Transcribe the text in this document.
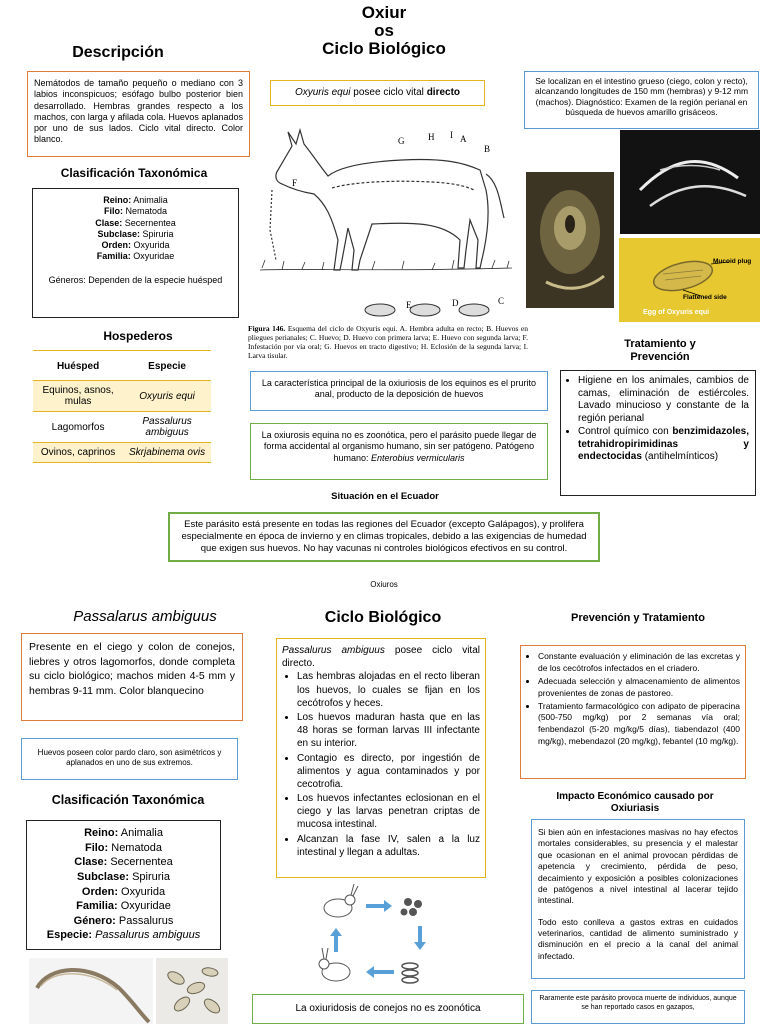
Oxiur
os
Ciclo Biológico
Descripción
Nemátodos de tamaño pequeño o mediano con 3 labios inconspicuos; esófago bulbo posterior bien desarrollado. Hembras grandes respecto a los machos, con larga y afilada cola. Huevos aplanados por uno de sus lados. Ciclo vital directo. Color blanco.
Clasificación Taxonómica

Reino: Animalia

Filo: Nematoda

Clase: Secernentea

Subclase: Spiruria

Orden: Oxyurida

Familia: Oxyuridae

Géneros: Dependen de la especie huésped

Hospederos
Huésped	Especie
Equinos, asnos, mulas	Oxyuris equi
Lagomorfos	Passalurus ambiguus
Ovinos, caprinos	Skrjabinema ovis
Oxyuris equi posee ciclo vital directo
G	H I A
B
F
E	D	C
Figura 146. Esquema del ciclo de Oxyuris equi. A. Hembra adulta en recto; B. Huevos en pliegues perianales; C. Huevo; D. Huevo con primera larva; E. Huevo con segunda larva; F. Infestación por vía oral; G. Huevos en tracto digestivo; H. Eclosión de la segunda larva; I. Larva tisular.
La característica principal de la oxiuriosis de los equinos es el prurito anal, producto de la deposición de huevos
La oxiurosis equina no es zoonótica, pero el parásito puede llegar de forma accidental al organismo humano, sin ser patógeno. Patógeno humano: Enterobius vermicularis
Se localizan en el intestino grueso (ciego, colon y recto), alcanzando longitudes de 150 mm (hembras) y 9-12 mm (machos). Diagnóstico: Examen de la región perianal en búsqueda de huevos amarillo grisáceos.
Mucoid plug
Flattened side
Egg of Oxyuris equi
Tratamiento y Prevención
• Higiene en los animales, cambios de camas, eliminación de estiércoles. Lavado minucioso y constante de la región perianal
• Control químico con benzimidazoles, tetrahidropirimidinas y endectocidas (antihelmínticos)
Situación en el Ecuador
Este parásito está presente en todas las regiones del Ecuador (excepto Galápagos), y prolifera especialmente en época de invierno y en climas tropicales, debido a las exigencias de humedad que exigen sus huevos. No hay vacunas ni controles biológicos efectivos en su control.
Oxiuros
Passalarus ambiguus
Presente en el ciego y colon de conejos, liebres y otros lagomorfos, donde completa su ciclo biológico; machos miden 4-5 mm y hembras 9-11 mm. Color blanquecino
Huevos poseen color pardo claro, son asimétricos y aplanados en uno de sus extremos.
Clasificación Taxonómica

Reino: Animalia

Filo: Nematoda

Clase: Secernentea

Subclase: Spiruria

Orden: Oxyurida

Familia: Oxyuridae

Género: Passalurus

Especie: Passalurus ambiguus

Ciclo Biológico

Passalurus ambiguus posee ciclo vital directo.

• Las hembras alojadas en el recto liberan los huevos, lo cuales se fijan en los cecótrofos y heces.
• Los huevos maduran hasta que en las 48 horas se forman larvas III infectante en su interior.
• Contagio es directo, por ingestión de alimentos y agua contaminados y por cecotrofia.
• Los huevos infectantes eclosionan en el ciego y las larvas penetran criptas de mucosa intestinal.
• Alcanzan la fase IV, salen a la luz intestinal y llegan a adultas.
La oxiuridosis de conejos no es zoonótica
Prevención y Tratamiento
• Constante evaluación y eliminación de las excretas y de los cecótrofos infectados en el criadero.
• Adecuada selección y almacenamiento de alimentos provenientes de zonas de pastoreo.
• Tratamiento farmacológico con adipato de piperacina (500-750 mg/kg) por 2 semanas vía oral; fenbendazol (5-20 mg/kg/5 días), tiabendazol (400 mg/kg), mebendazol (20 mg/kg), febantel (10 mg/kg).
Impacto Económico causado por Oxiuriasis

Si bien aún en infestaciones masivas no hay efectos mortales considerables, su presencia y el malestar que ocasionan en el animal provocan pérdidas de apetencia y crecimiento, pérdida de peso, decaimiento y exposición a posibles colonizaciones de patógenos a nivel intestinal al lacerar tejido intestinal.

Todo esto conlleva a gastos extras en cuidados veterinarios, cantidad de alimento suministrado y disminución en el precio a la canal del animal infectado.

Raramente este parásito provoca muerte de individuos, aunque se han reportado casos en gazapos,
